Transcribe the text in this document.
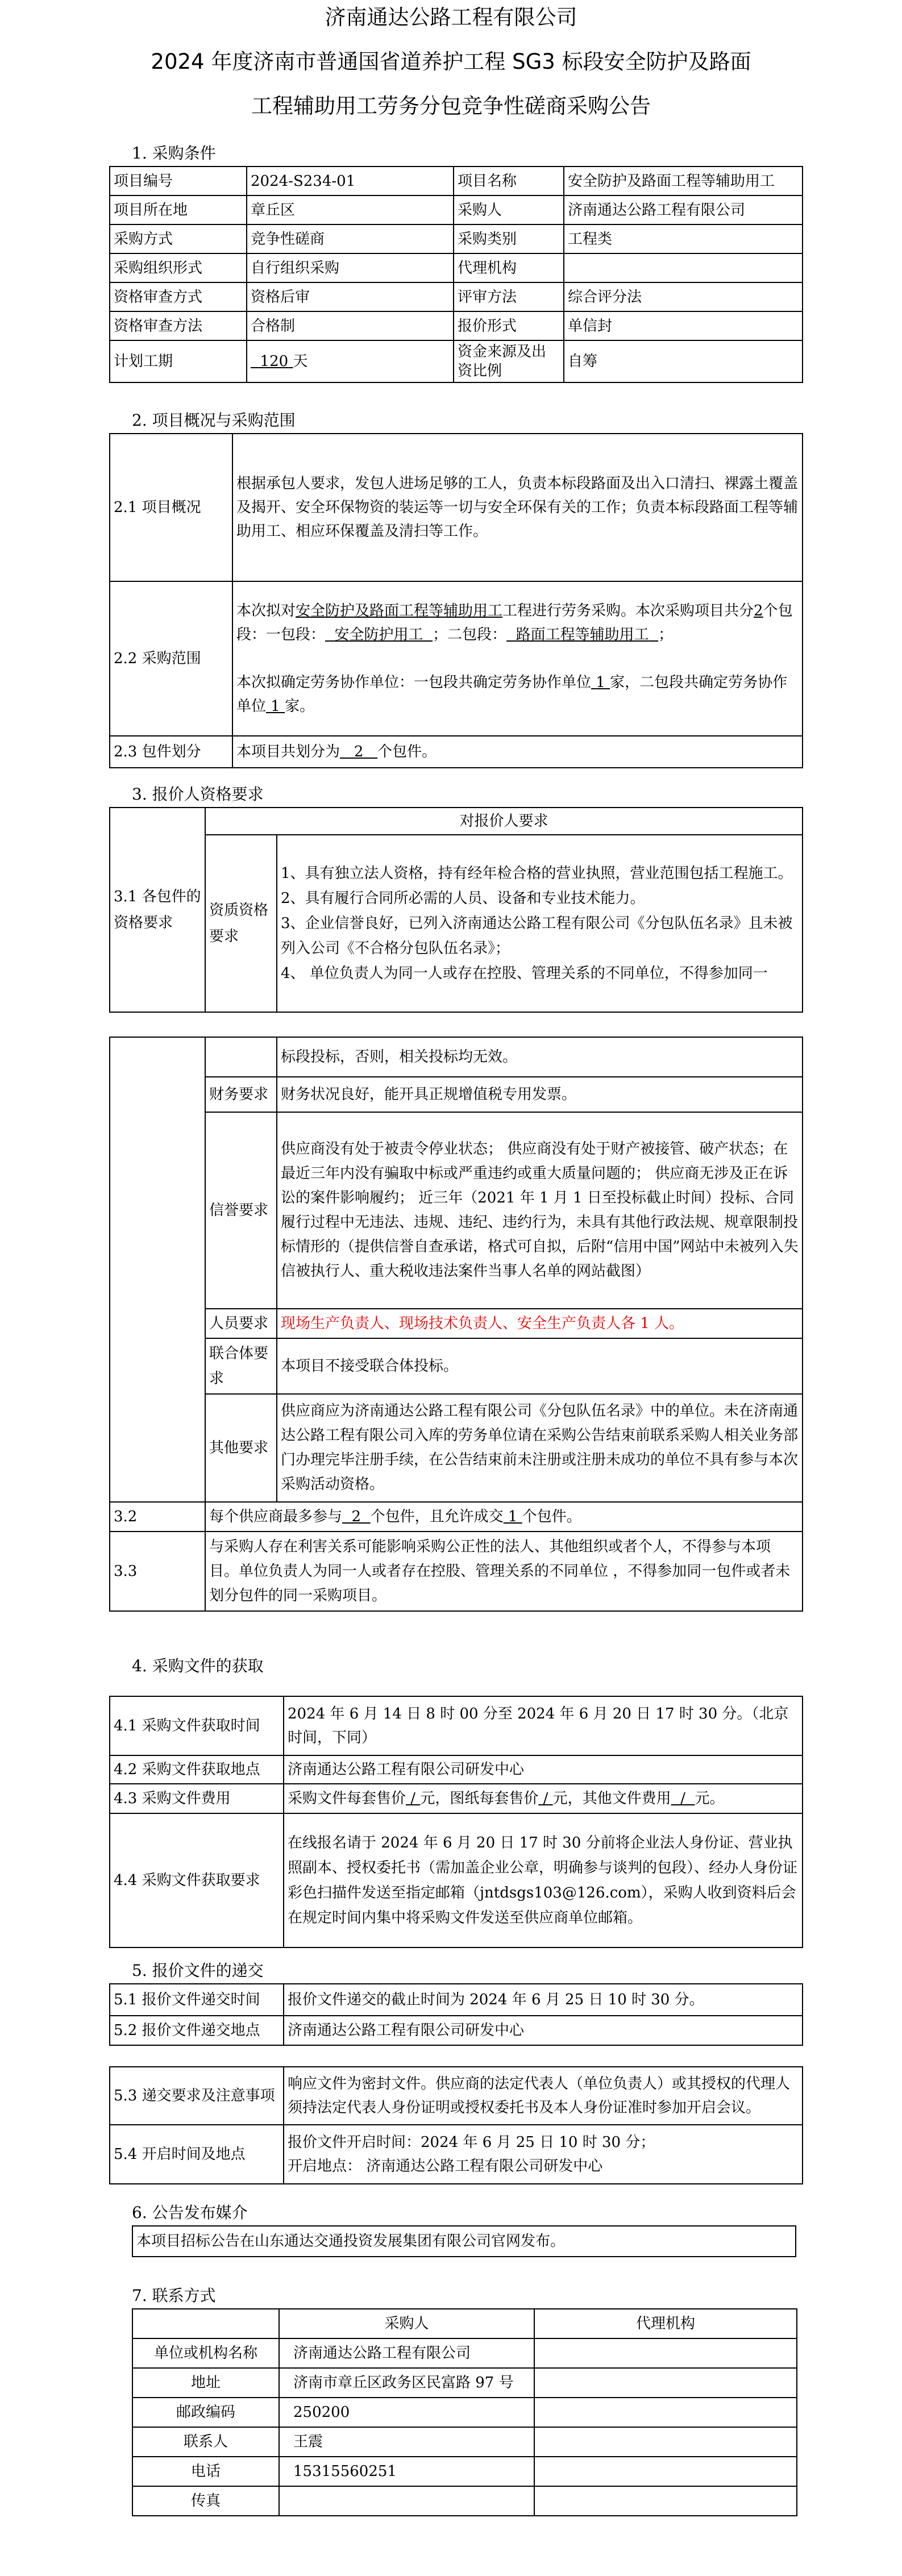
济南通达公路工程有限公司
2024 年度济南市普通国省道养护工程 SG3 标段安全防护及路面
工程辅助用工劳务分包竞争性磋商采购公告
1. 采购条件
项目编号	2024-S234-01	项目名称	安全防护及路面工程等辅助用工
项目所在地	章丘区	采购人	济南通达公路工程有限公司
采购方式	竞争性磋商	采购类别	工程类
采购组织形式	自行组织采购	代理机构	
资格审查方式	资格后审	评审方法	综合评分法
资格审查方法	合格制	报价形式	单信封
计划工期	120 天	资金来源及出资比例	自筹
2. 项目概况与采购范围
2.1 项目概况	根据承包人要求，发包人进场足够的工人，负责本标段路面及出入口清扫、裸露土覆盖及揭开、安全环保物资的装运等一切与安全环保有关的工作；负责本标段路面工程等辅助用工、相应环保覆盖及清扫等工作。
2.2 采购范围	本次拟对安全防护及路面工程等辅助用工工程进行劳务采购。本次采购项目共分2个包段：一包段： 安全防护用工 ；二包段： 路面工程等辅助用工 ；

本次拟确定劳务协作单位：一包段共确定劳务协作单位 1 家，二包段共确定劳务协作单位 1 家。
2.3 包件划分	本项目共划分为 2 个包件。
3. 报价人资格要求
3.1 各包件的资格要求	对报价人要求	
	资质资格要求	1、具有独立法人资格，持有经年检合格的营业执照，营业范围包括工程施工。
2、具有履行合同所必需的人员、设备和专业技术能力。
3、企业信誉良好，已列入济南通达公路工程有限公司《分包队伍名录》且未被列入公司《不合格分包队伍名录》；
4、 单位负责人为同一人或存在控股、管理关系的不同单位，不得参加同一
		标段投标，否则，相关投标均无效。
	财务要求	财务状况良好，能开具正规增值税专用发票。
	信誉要求	供应商没有处于被责令停业状态； 供应商没有处于财产被接管、破产状态；在最近三年内没有骗取中标或严重违约或重大质量问题的； 供应商无涉及正在诉讼的案件影响履约； 近三年（2021 年 1 月 1 日至投标截止时间）投标、合同履行过程中无违法、违规、违纪、违约行为，未具有其他行政法规、规章限制投标情形的（提供信誉自查承诺，格式可自拟，后附“信用中国”网站中未被列入失信被执行人、重大税收违法案件当事人名单的网站截图）
	人员要求	现场生产负责人、现场技术负责人、安全生产负责人各 1 人。
	联合体要求	本项目不接受联合体投标。
	其他要求	供应商应为济南通达公路工程有限公司《分包队伍名录》中的单位。未在济南通达公路工程有限公司入库的劳务单位请在采购公告结束前联系采购人相关业务部门办理完毕注册手续，在公告结束前未注册或注册未成功的单位不具有参与本次采购活动资格。
3.2	每个供应商最多参与 2 个包件，且允许成交 1 个包件。	
3.3	与采购人存在利害关系可能影响采购公正性的法人、其他组织或者个人，不得参与本项目。单位负责人为同一人或者存在控股、管理关系的不同单位 ，不得参加同一包件或者未划分包件的同一采购项目。	
4. 采购文件的获取
4.1 采购文件获取时间	2024 年 6 月 14 日 8 时 00 分至 2024 年 6 月 20 日 17 时 30 分。（北京时间，下同）
4.2 采购文件获取地点	济南通达公路工程有限公司研发中心
4.3 采购文件费用	采购文件每套售价 / 元，图纸每套售价 / 元，其他文件费用 / 元。
4.4 采购文件获取要求	在线报名请于 2024 年 6 月 20 日 17 时 30 分前将企业法人身份证、营业执照副本、授权委托书（需加盖企业公章，明确参与谈判的包段）、经办人身份证彩色扫描件发送至指定邮箱（jntdsgs103@126.com），采购人收到资料后会在规定时间内集中将采购文件发送至供应商单位邮箱。
5. 报价文件的递交
5.1 报价文件递交时间	报价文件递交的截止时间为 2024 年 6 月 25 日 10 时 30 分。
5.2 报价文件递交地点	济南通达公路工程有限公司研发中心
5.3 递交要求及注意事项	响应文件为密封文件。供应商的法定代表人（单位负责人）或其授权的代理人须持法定代表人身份证明或授权委托书及本人身份证准时参加开启会议。
5.4 开启时间及地点	报价文件开启时间：2024 年 6 月 25 日 10 时 30 分；
开启地点： 济南通达公路工程有限公司研发中心
6. 公告发布媒介
本项目招标公告在山东通达交通投资发展集团有限公司官网发布。
7. 联系方式
	采购人	代理机构
单位或机构名称	济南通达公路工程有限公司	
地址	济南市章丘区政务区民富路 97 号	
邮政编码	250200	
联系人	王震	
电话	15315560251	
传真		
